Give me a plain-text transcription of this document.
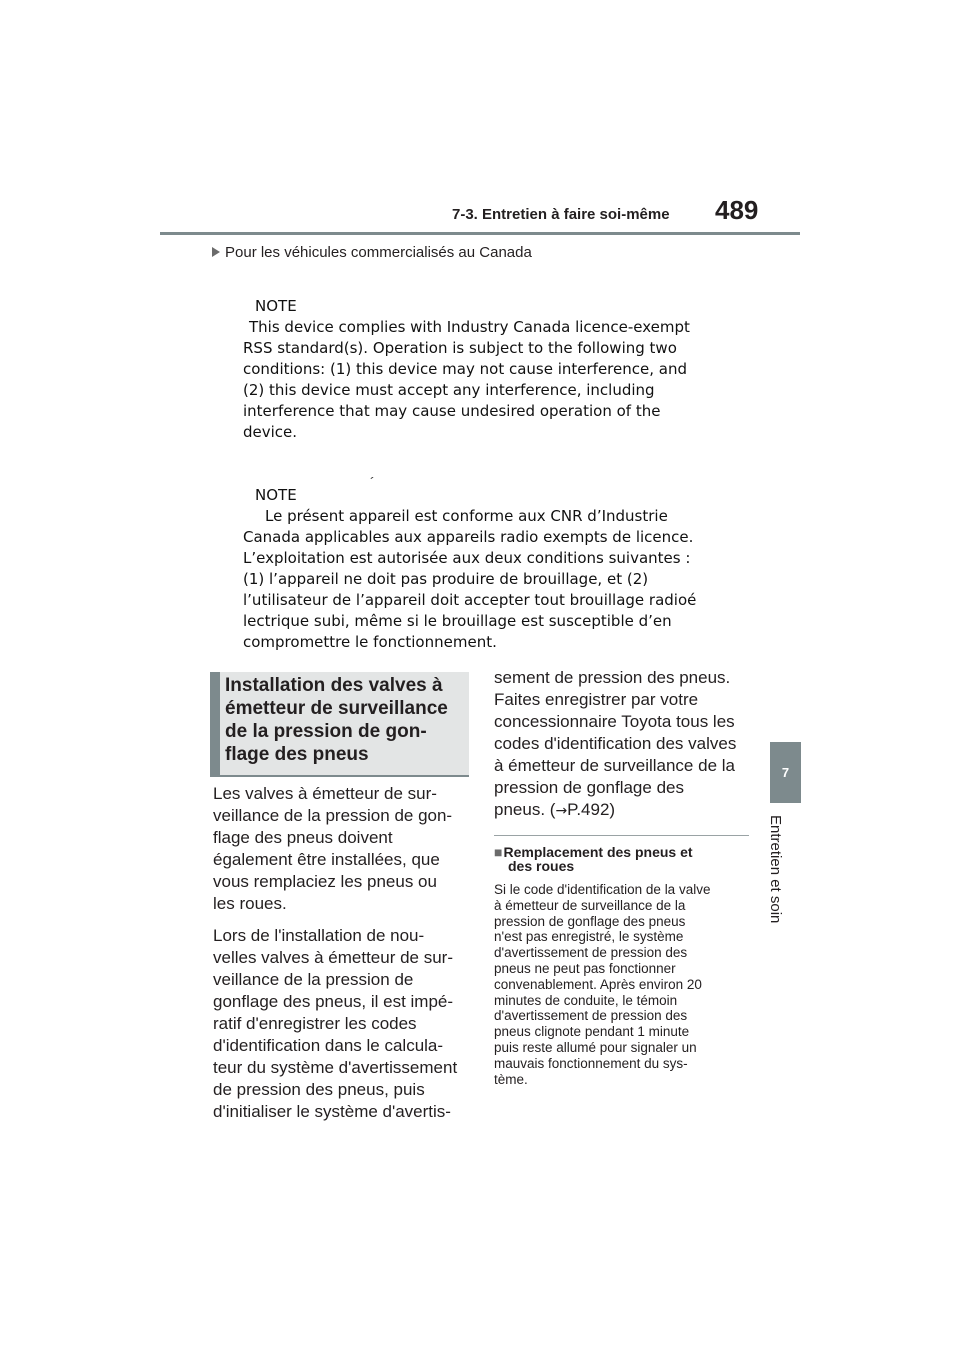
7-3. Entretien à faire soi-même 489
Pour les véhicules commercialisés au Canada
NOTE
This device complies with Industry Canada licence-exempt
RSS standard(s). Operation is subject to the following two
conditions: (1) this device may not cause interference, and
(2) this device must accept any interference, including
interference that may cause undesired operation of the
device.
´
NOTE
Le présent appareil est conforme aux CNR d’Industrie
Canada applicables aux appareils radio exempts de licence.
L’exploitation est autorisée aux deux conditions suivantes :
(1) l’appareil ne doit pas produire de brouillage, et (2)
l’utilisateur de l’appareil doit accepter tout brouillage radioé
lectrique subi, même si le brouillage est susceptible d’en
compromettre le fonctionnement.
Installation des valves à
émetteur de surveillance
de la pression de gon-
flage des pneus

Les valves à émetteur de sur-
veillance de la pression de gon-
flage des pneus doivent
également être installées, que
vous remplaciez les pneus ou
les roues.

Lors de l'installation de nou-
velles valves à émetteur de sur-
veillance de la pression de
gonflage des pneus, il est impé-
ratif d'enregistrer les codes
d'identification dans le calcula-
teur du système d'avertissement
de pression des pneus, puis
d'initialiser le système d'avertis-

sement de pression des pneus.
Faites enregistrer par votre
concessionnaire Toyota tous les
codes d'identification des valves
à émetteur de surveillance de la
pression de gonflage des
pneus. (→P.492)

■Remplacement des pneus et
des roues
Si le code d'identification de la valve
à émetteur de surveillance de la
pression de gonflage des pneus
n'est pas enregistré, le système
d'avertissement de pression des
pneus ne peut pas fonctionner
convenablement. Après environ 20
minutes de conduite, le témoin
d'avertissement de pression des
pneus clignote pendant 1 minute
puis reste allumé pour signaler un
mauvais fonctionnement du sys-
tème.
7
Entretien et soin
